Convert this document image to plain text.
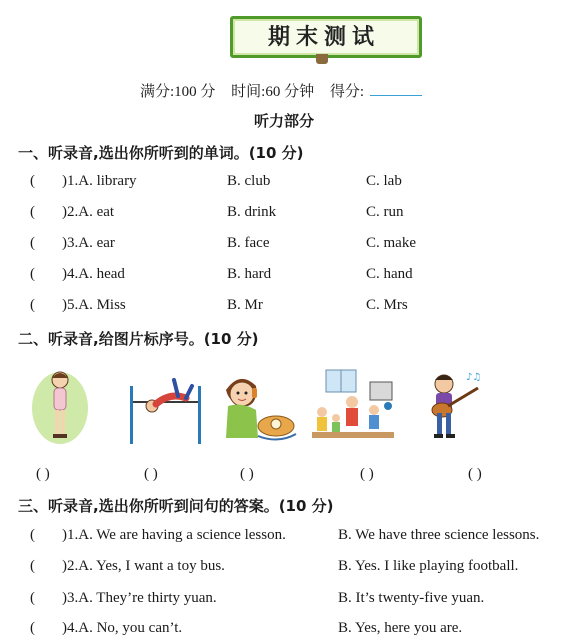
期末测试
满分:100 分 时间:60 分钟 得分:
听力部分
一、听录音,选出你所听到的单词。(10 分)
( )1.A. library	B. club	C. lab
( )2.A. eat	B. drink	C. run
( )3.A. ear	B. face	C. make
( )4.A. head	B. hard	C. hand
( )5.A. Miss	B. Mr	C. Mrs
二、听录音,给图片标序号。(10 分)
♪♫
( )	( )	( )	( )	( )
三、听录音,选出你所听到问句的答案。(10 分)
( )1.A. We are having a science lesson.	B. We have three science lessons.
( )2.A. Yes, I want a toy bus.	B. Yes. I like playing football.
( )3.A. They’re thirty yuan.	B. It’s twenty-five yuan.
( )4.A. No, you can’t.	B. Yes, here you are.
